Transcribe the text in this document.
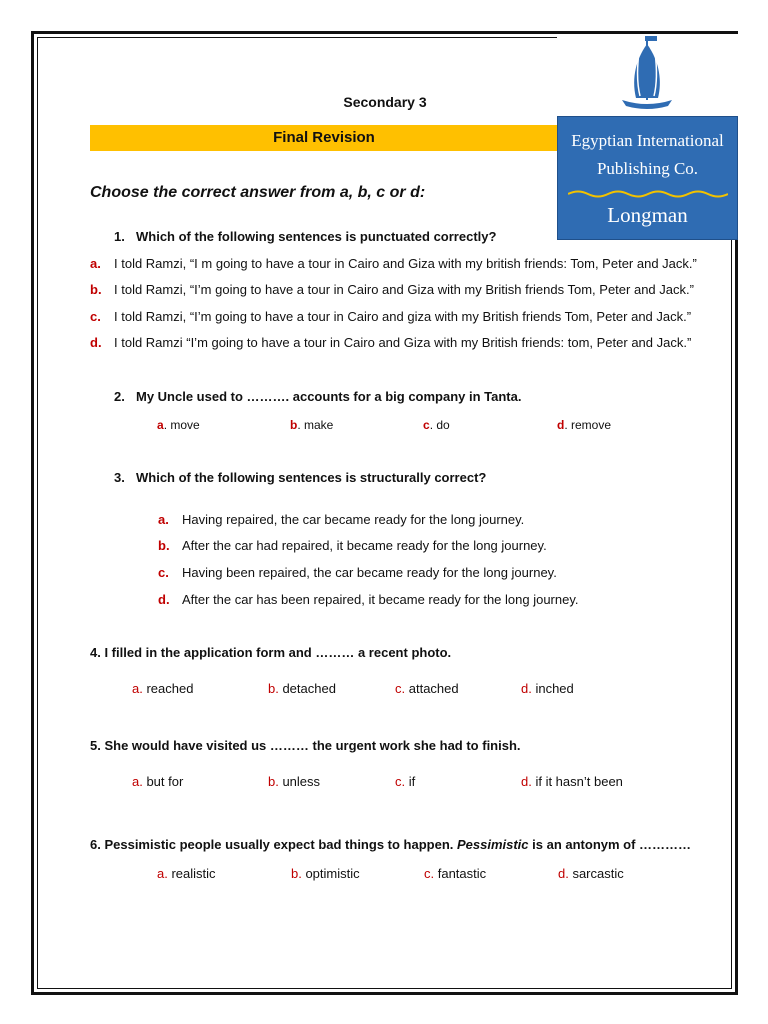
Secondary 3
Final Revision	Egyptian International
Publishing Co.
Longman
Choose the correct answer from a, b, c or d:
1. Which of the following sentences is punctuated correctly?
a. I told Ramzi, “I m going to have a tour in Cairo and Giza with my british friends: Tom, Peter and Jack.”
b. I told Ramzi, “I’m going to have a tour in Cairo and Giza with my British friends Tom, Peter and Jack.”
c. I told Ramzi, “I’m going to have a tour in Cairo and giza with my British friends Tom, Peter and Jack.”
d. I told Ramzi “I’m going to have a tour in Cairo and Giza with my British friends: tom, Peter and Jack.”
2. My Uncle used to ………. accounts for a big company in Tanta.
a. move	b. make	c. do	d. remove
3. Which of the following sentences is structurally correct?
a. Having repaired, the car became ready for the long journey.
b. After the car had repaired, it became ready for the long journey.
c. Having been repaired, the car became ready for the long journey.
d. After the car has been repaired, it became ready for the long journey.
4. I filled in the application form and ……… a recent photo.
a. reached	b. detached	c. attached	d. inched
5. She would have visited us ……… the urgent work she had to finish.
a. but for	b. unless	c. if	d. if it hasn’t been
6. Pessimistic people usually expect bad things to happen. Pessimistic is an antonym of …………
a. realistic	b. optimistic	c. fantastic	d. sarcastic
